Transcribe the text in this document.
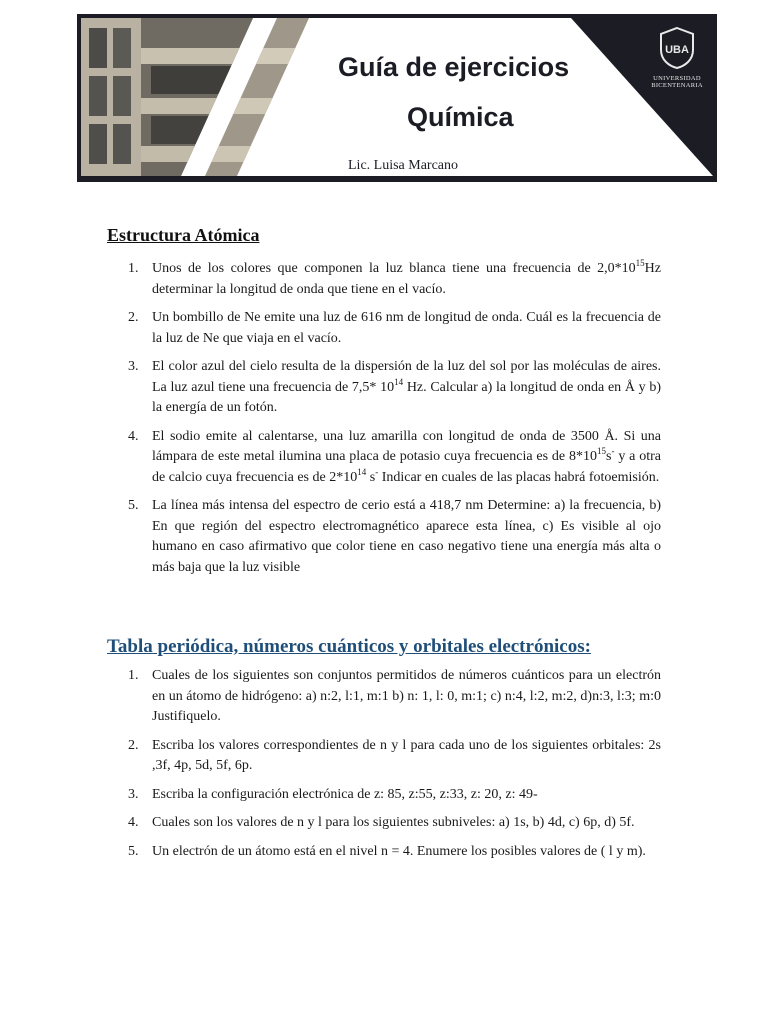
Guía de ejercicios
Química
Lic. Luisa Marcano
UBA
UNIVERSIDAD
BICENTENARIA
Estructura Atómica
1. Unos de los colores que componen la luz blanca tiene una frecuencia de $2,0*10^{15}Hz$ determinar la longitud de onda que tiene en el vacío.
2. Un bombillo de Ne emite una luz de 616 nm de longitud de onda. Cuál es la frecuencia de la luz de Ne que viaja en el vacío.
3. El color azul del cielo resulta de la dispersión de la luz del sol por las moléculas de aires. La luz azul tiene una frecuencia de 7,5* $10^{14}$ Hz. Calcular a) la longitud de onda en Å y b) la energía de un fotón.
4. El sodio emite al calentarse, una luz amarilla con longitud de onda de 3500 Å. Si una lámpara de este metal ilumina una placa de potasio cuya frecuencia es de $8*10^{15}s^-$ y a otra de calcio cuya frecuencia es de $2*10^{14}$ s- Indicar en cuales de las placas habrá fotoemisión.
5. La línea más intensa del espectro de cerio está a 418,7 nm Determine: a) la frecuencia, b) En que región del espectro electromagnético aparece esta línea, c) Es visible al ojo humano en caso afirmativo que color tiene en caso negativo tiene una energía más alta o más baja que la luz visible
Tabla periódica, números cuánticos y orbitales electrónicos:
1. Cuales de los siguientes son conjuntos permitidos de números cuánticos para un electrón en un átomo de hidrógeno: a) n:2, l:1, m:1 b) n: 1, l: 0, m:1; c) n:4, l:2, m:2, d)n:3, l:3; m:0 Justifiquelo.
2. Escriba los valores correspondientes de n y l para cada uno de los siguientes orbitales: 2s ,3f, 4p, 5d, 5f, 6p.
3. Escriba la configuración electrónica de z: 85, z:55, z:33, z: 20, z: 49-
4. Cuales son los valores de n y l para los siguientes subniveles: a) 1s, b) 4d, c) 6p, d) 5f.
5. Un electrón de un átomo está en el nivel n = 4. Enumere los posibles valores de ( l y m).
